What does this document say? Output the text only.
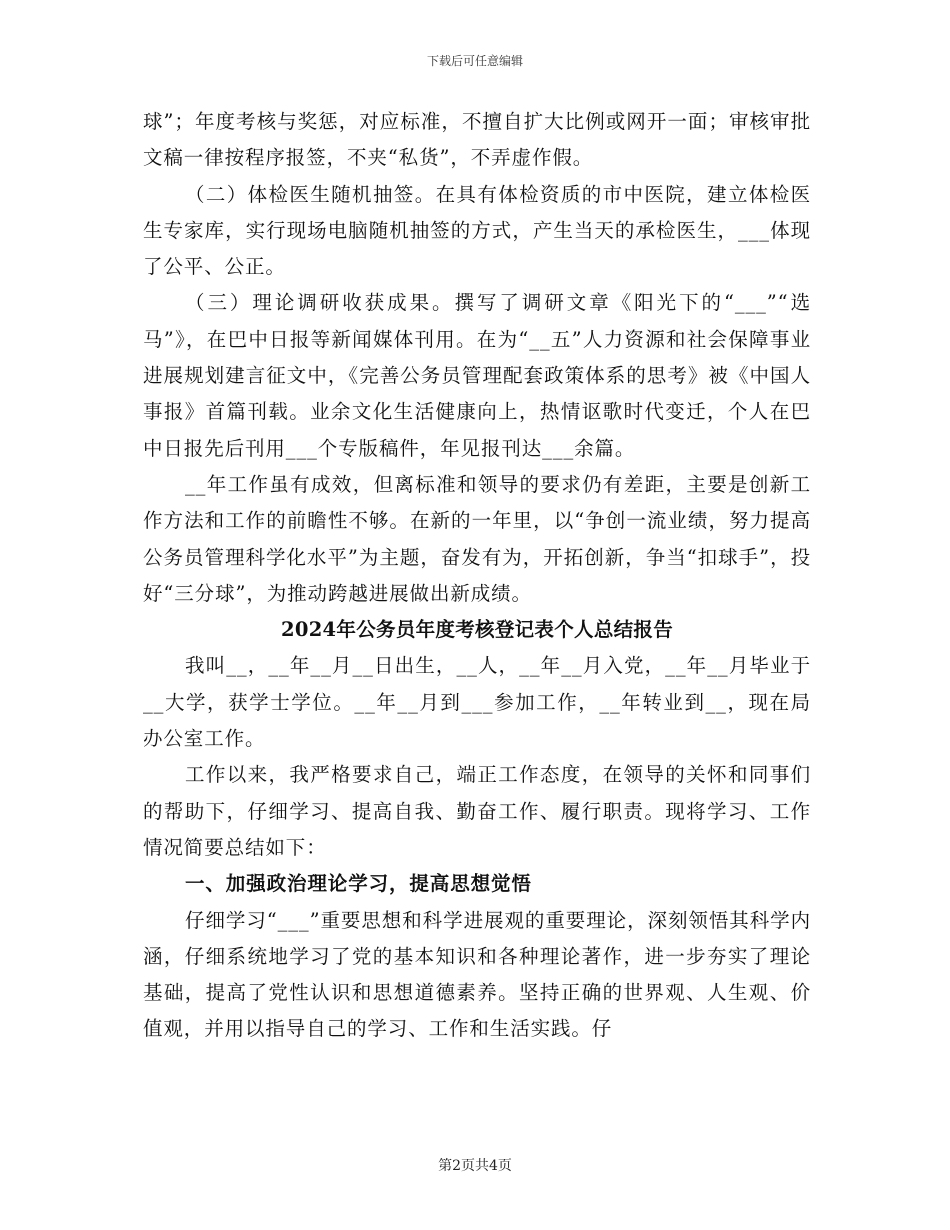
下载后可任意编辑

球”；年度考核与奖惩，对应标准，不擅自扩大比例或网开一面；审核审批文稿一律按程序报签，不夹“私货”，不弄虚作假。

（二）体检医生随机抽签。在具有体检资质的市中医院，建立体检医生专家库，实行现场电脑随机抽签的方式，产生当天的承检医生，___体现了公平、公正。

（三）理论调研收获成果。撰写了调研文章《阳光下的“___”“选马”》，在巴中日报等新闻媒体刊用。在为“__五”人力资源和社会保障事业进展规划建言征文中，《完善公务员管理配套政策体系的思考》被《中国人事报》首篇刊载。业余文化生活健康向上，热情讴歌时代变迁，个人在巴中日报先后刊用___个专版稿件，年见报刊达___余篇。

__年工作虽有成效，但离标准和领导的要求仍有差距，主要是创新工作方法和工作的前瞻性不够。在新的一年里，以“争创一流业绩，努力提高公务员管理科学化水平”为主题，奋发有为，开拓创新，争当“扣球手”，投好“三分球”，为推动跨越进展做出新成绩。

2024年公务员年度考核登记表个人总结报告

我叫__，__年__月__日出生，__人，__年__月入党，__年__月毕业于__大学，获学士学位。__年__月到___参加工作，__年转业到__，现在局办公室工作。

工作以来，我严格要求自己，端正工作态度，在领导的关怀和同事们的帮助下，仔细学习、提高自我、勤奋工作、履行职责。现将学习、工作情况简要总结如下：

一、加强政治理论学习，提高思想觉悟

仔细学习“___”重要思想和科学进展观的重要理论，深刻领悟其科学内涵，仔细系统地学习了党的基本知识和各种理论著作，进一步夯实了理论基础，提高了党性认识和思想道德素养。坚持正确的世界观、人生观、价值观，并用以指导自己的学习、工作和生活实践。仔

第2页共4页
